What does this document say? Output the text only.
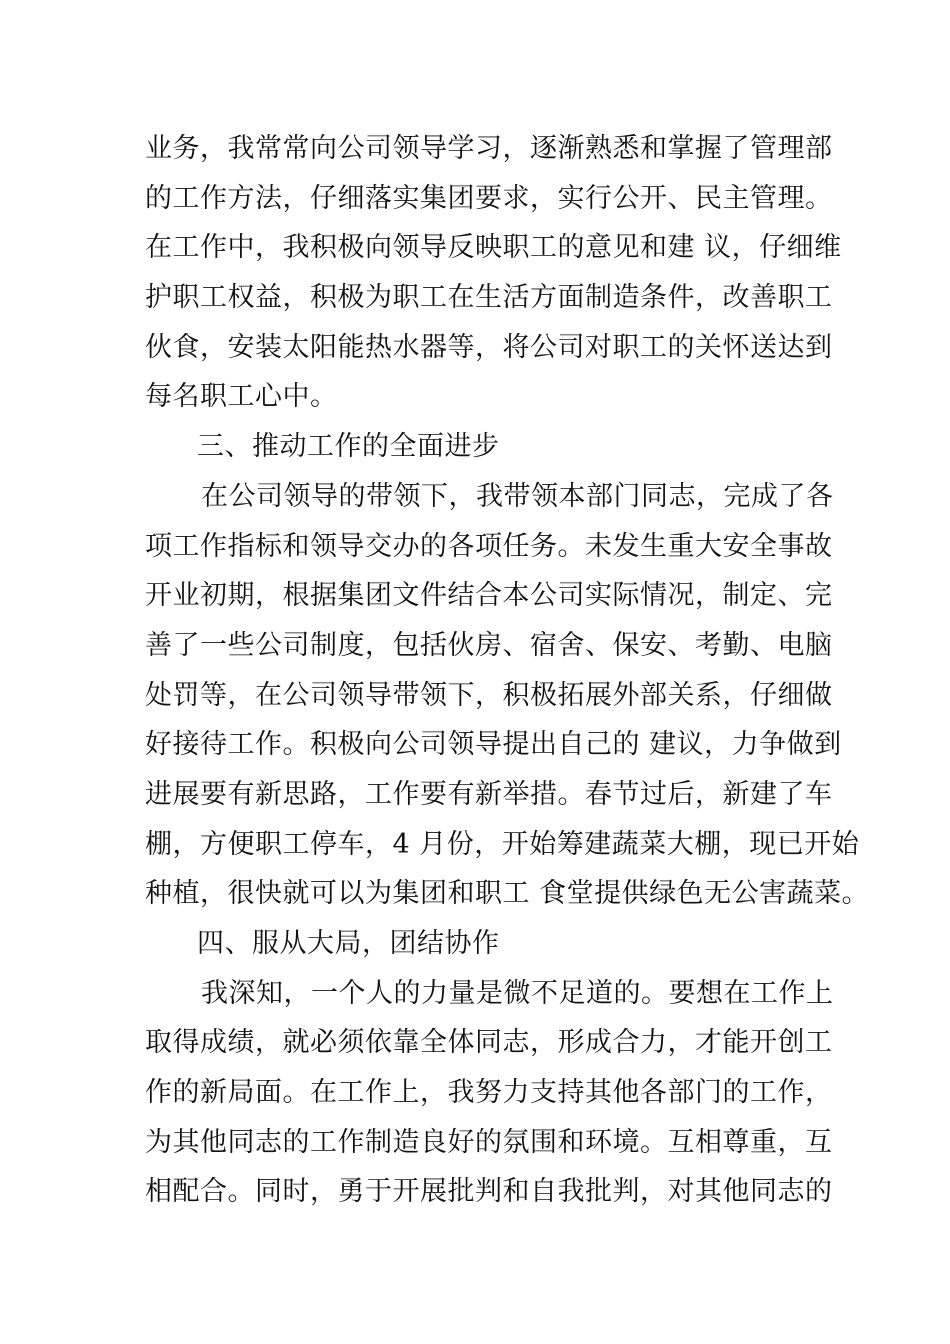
业务，我常常向公司领导学习，逐渐熟悉和掌握了管理部
的工作方法，仔细落实集团要求，实行公开、民主管理。
在工作中，我积极向领导反映职工的意见和建 议，仔细维
护职工权益，积极为职工在生活方面制造条件，改善职工
伙食，安装太阳能热水器等，将公司对职工的关怀送达到
每名职工心中。
三、推动工作的全面进步
在公司领导的带领下，我带领本部门同志，完成了各
项工作指标和领导交办的各项任务。未发生重大安全事故
开业初期，根据集团文件结合本公司实际情况，制定、完
善了一些公司制度，包括伙房、宿舍、保安、考勤、电脑
处罚等，在公司领导带领下，积极拓展外部关系，仔细做
好接待工作。积极向公司领导提出自己的 建议，力争做到
进展要有新思路，工作要有新举措。春节过后，新建了车
棚，方便职工停车，4 月份，开始筹建蔬菜大棚，现已开始
种植，很快就可以为集团和职工 食堂提供绿色无公害蔬菜。
四、服从大局，团结协作
我深知，一个人的力量是微不足道的。要想在工作上
取得成绩，就必须依靠全体同志，形成合力，才能开创工
作的新局面。在工作上，我努力支持其他各部门的工作，
为其他同志的工作制造良好的氛围和环境。互相尊重，互
相配合。同时，勇于开展批判和自我批判，对其他同志的
